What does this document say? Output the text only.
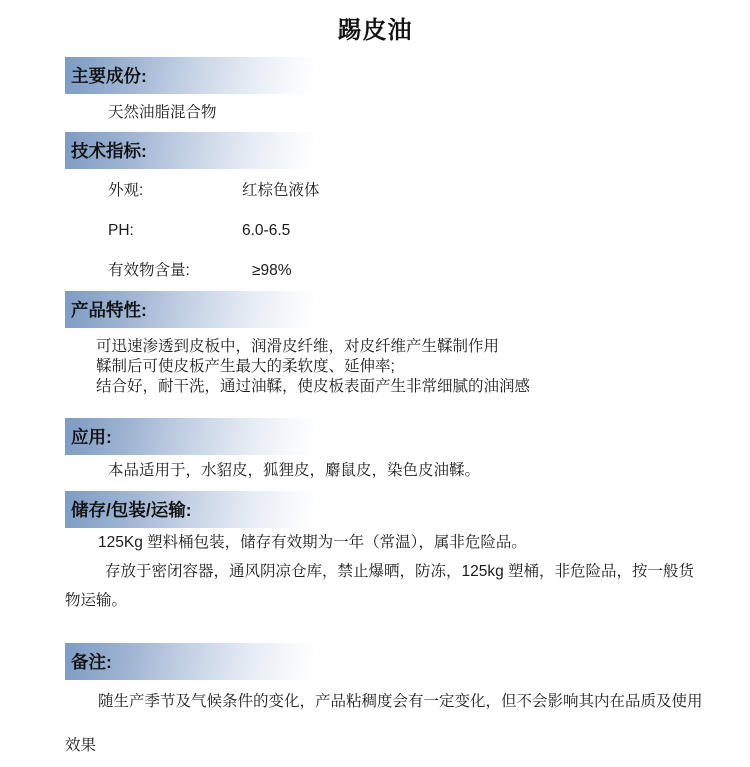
踢皮油
主要成份:
天然油脂混合物
技术指标:
外观:	红棕色液体
PH:	6.0-6.5
有效物含量:	≥98%
产品特性:
可迅速渗透到皮板中，润滑皮纤维，对皮纤维产生鞣制作用
鞣制后可使皮板产生最大的柔软度、延伸率;
结合好，耐干洗，通过油鞣，使皮板表面产生非常细腻的油润感
应用:
本品适用于，水貂皮，狐狸皮，麝鼠皮，染色皮油鞣。
储存/包装/运输:
125Kg 塑料桶包装，储存有效期为一年（常温），属非危险品。
存放于密闭容器，通风阴凉仓库，禁止爆晒，防冻，125kg 塑桶，非危险品，按一般货
物运输。
备注:
随生产季节及气候条件的变化，产品粘稠度会有一定变化，但不会影响其内在品质及使用
效果
